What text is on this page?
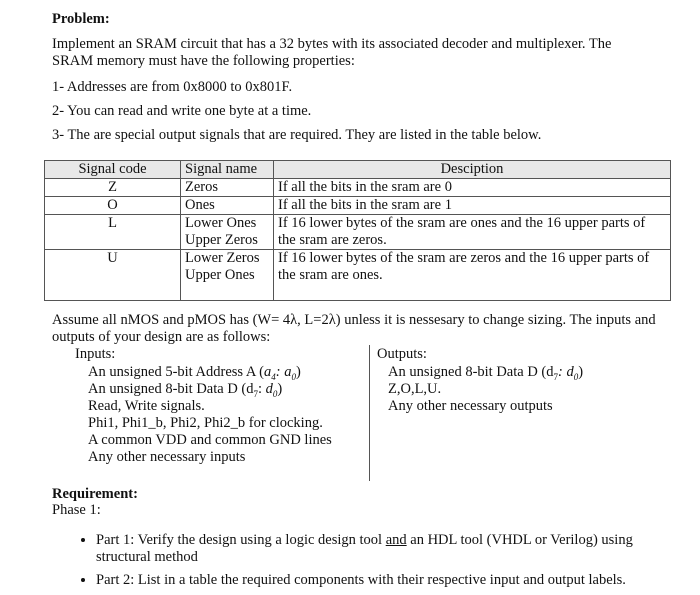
Problem:
Implement an SRAM circuit that has a 32 bytes with its associated decoder and multiplexer. The SRAM memory must have the following properties:
1- Addresses are from 0x8000 to 0x801F.
2- You can read and write one byte at a time.
3- The are special output signals that are required. They are listed in the table below.
Signal code	Signal name	Desciption
Z	Zeros	If all the bits in the sram are 0
O	Ones	If all the bits in the sram are 1
L	Lower Ones Upper Zeros	If 16 lower bytes of the sram are ones and the 16 upper parts of the sram are zeros.
U	Lower Zeros Upper Ones	If 16 lower bytes of the sram are zeros and the 16 upper parts of the sram are ones.
Assume all nMOS and pMOS has (W= 4λ, L=2λ) unless it is nessesary to change sizing. The inputs and outputs of your design are as follows:
Inputs:
An unsigned 5-bit Address A ($a_4$: $a_0$)
An unsigned 8-bit Data D ($d_7$: $d_0$)
Read, Write signals.
Phi1, Phi1_b, Phi2, Phi2_b for clocking.
A common VDD and common GND lines
Any other necessary inputs
Outputs:
An unsigned 8-bit Data D ($d_7$: $d_0$)
Z,O,L,U.
Any other necessary outputs
Requirement:
Phase 1:
• Part 1: Verify the design using a logic design tool and an HDL tool (VHDL or Verilog) using structural method
• Part 2: List in a table the required components with their respective input and output labels.
